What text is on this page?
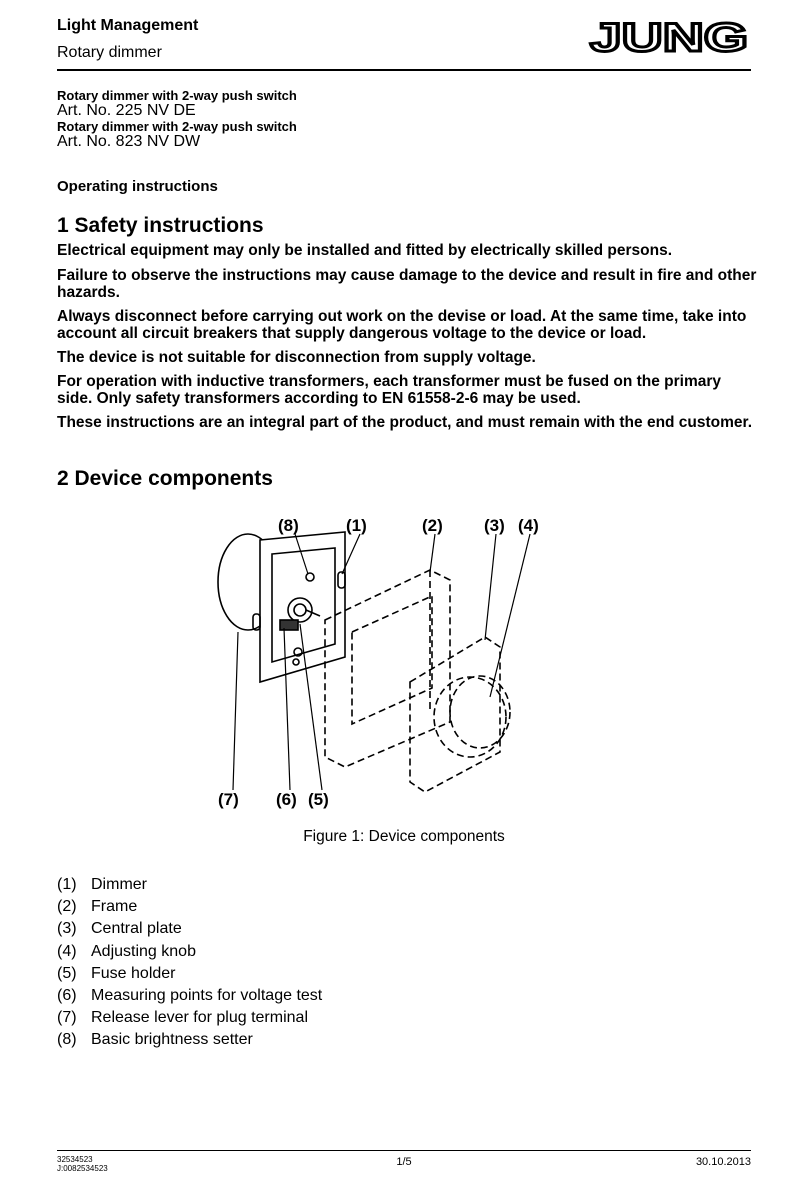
Light Management
Rotary dimmer	JUNG
Rotary dimmer with 2-way push switch
Art. No. 225 NV DE
Rotary dimmer with 2-way push switch
Art. No. 823 NV DW
Operating instructions
1 Safety instructions
Electrical equipment may only be installed and fitted by electrically skilled persons.
Failure to observe the instructions may cause damage to the device and result in fire and other hazards.
Always disconnect before carrying out work on the devise or load. At the same time, take into account all circuit breakers that supply dangerous voltage to the device or load.
The device is not suitable for disconnection from supply voltage.
For operation with inductive transformers, each transformer must be fused on the primary side. Only safety transformers according to EN 61558-2-6 may be used.
These instructions are an integral part of the product, and must remain with the end customer.
2 Device components
(8)	(1)	(2) (3) (4)
(7) (6) (5)
Figure 1: Device components
(1) Dimmer
(2) Frame
(3) Central plate
(4) Adjusting knob
(5) Fuse holder
(6) Measuring points for voltage test
(7) Release lever for plug terminal
(8) Basic brightness setter
32534523
J:0082534523
1/5	30.10.2013
